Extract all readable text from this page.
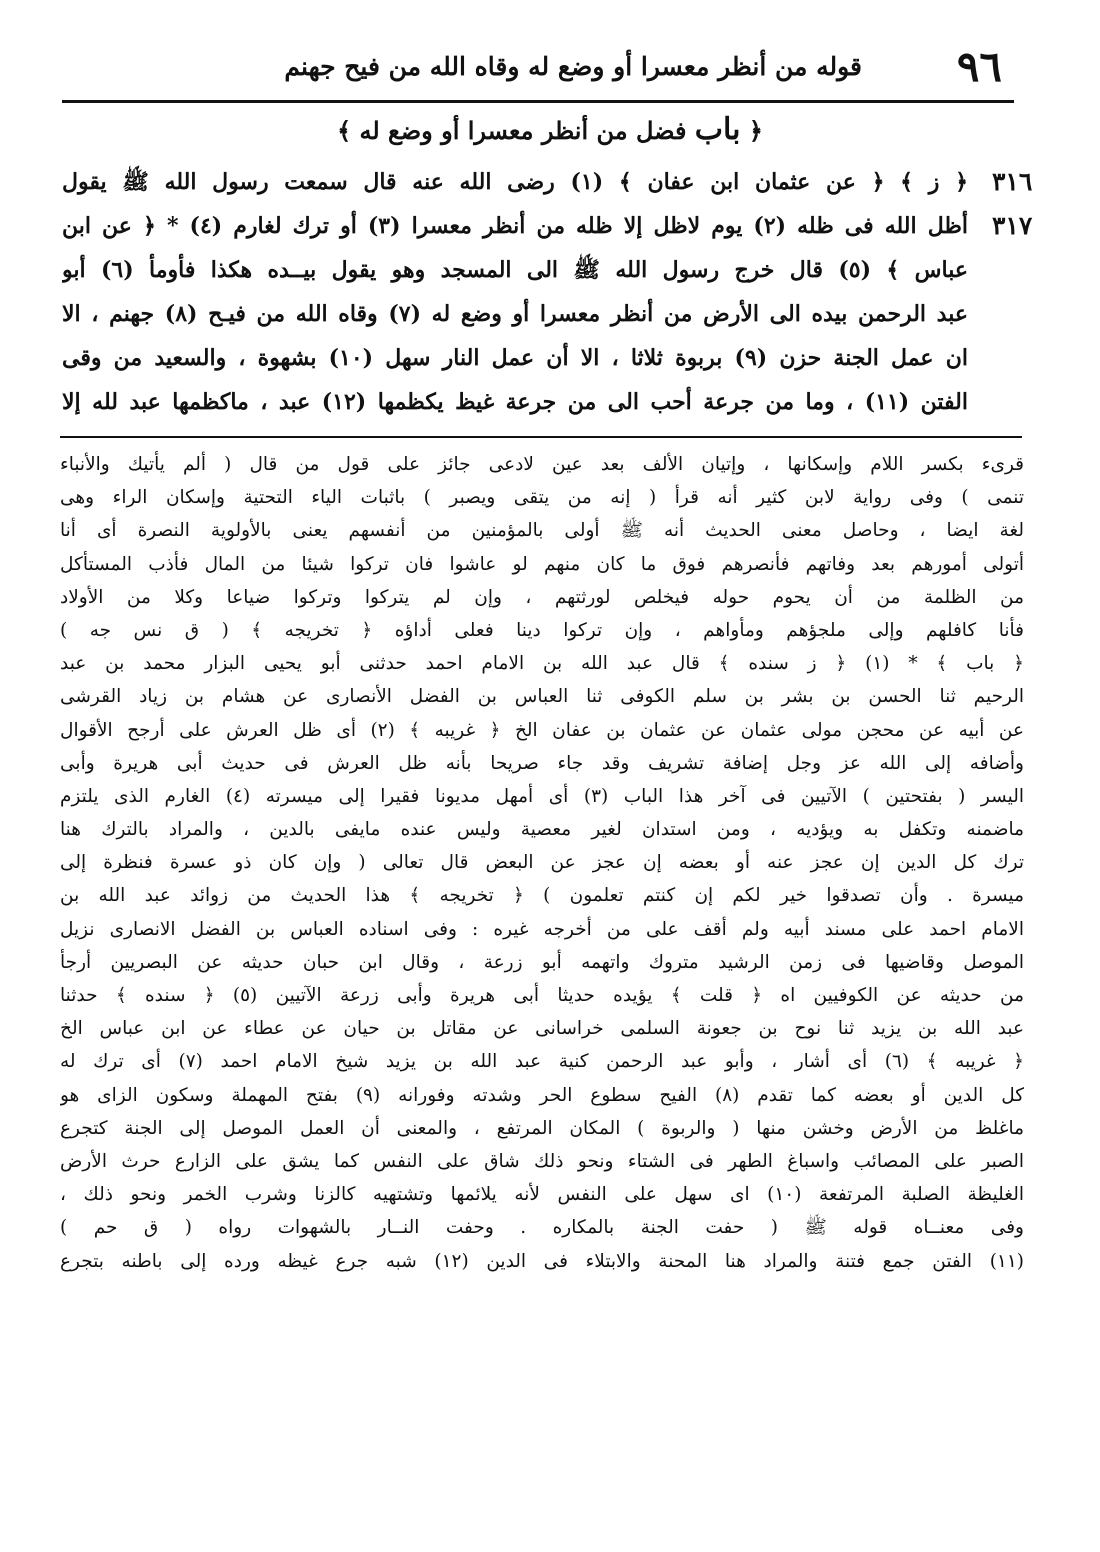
٩٦
قوله من أنظر معسرا أو وضع له وقاه الله من فيح جهنم
﴿ باب فضل من أنظر معسرا أو وضع له ﴾
٣١٦
٣١٧
﴿ ز ﴾ ﴿ عن عثمان ابن عفان ﴾ (١) رضى الله عنه قال سمعت رسول الله ﷺ يقول
أظل الله فى ظله (٢) يوم لاظل إلا ظله من أنظر معسرا (٣) أو ترك لغارم (٤) * ﴿ عن ابن
عباس ﴾ (٥) قال خرج رسول الله ﷺ الى المسجد وهو يقول بيــده هكذا فأومأ (٦) أبو
عبد الرحمن بيده الى الأرض من أنظر معسرا أو وضع له (٧) وقاه الله من فيـح (٨) جهنم ، الا
ان عمل الجنة حزن (٩) بربوة ثلاثا ، الا أن عمل النار سهل (١٠) بشهوة ، والسعيد من وقى
الفتن (١١) ، وما من جرعة أحب الى من جرعة غيظ يكظمها (١٢) عبد ، ماكظمها عبد لله إلا
قرىء بكسر اللام وإسكانها ، وإتيان الألف بعد عين لادعى جائز على قول من قال ( ألم يأتيك والأنباء
تنمى ) وفى رواية لابن كثير أنه قرأ ( إنه من يتقى ويصبر ) باثبات الياء التحتية وإسكان الراء وهى
لغة ايضا ، وحاصل معنى الحديث أنه ﷺ أولى بالمؤمنين من أنفسهم يعنى بالأولوية النصرة أى أنا
أتولى أمورهم بعد وفاتهم فأنصرهم فوق ما كان منهم لو عاشوا فان تركوا شيئا من المال فأذب المستأكل
من الظلمة من أن يحوم حوله فيخلص لورثتهم ، وإن لم يتركوا وتركوا ضياعا وكلا من الأولاد
فأنا كافلهم وإلى ملجؤهم ومأواهم ، وإن تركوا دينا فعلى أداؤه ﴿ تخريجه ﴾ ( ق نس جه )
﴿ باب ﴾ * (١) ﴿ ز سنده ﴾ قال عبد الله بن الامام احمد حدثنى أبو يحيى البزار محمد بن عبد
الرحيم ثنا الحسن بن بشر بن سلم الكوفى ثنا العباس بن الفضل الأنصارى عن هشام بن زياد القرشى
عن أبيه عن محجن مولى عثمان عن عثمان بن عفان الخ ﴿ غريبه ﴾ (٢) أى ظل العرش على أرجح الأقوال
وأضافه إلى الله عز وجل إضافة تشريف وقد جاء صريحا بأنه ظل العرش فى حديث أبى هريرة وأبى
اليسر ( بفتحتين ) الآتيين فى آخر هذا الباب (٣) أى أمهل مديونا فقيرا إلى ميسرته (٤) الغارم الذى يلتزم
ماضمنه وتكفل به ويؤديه ، ومن استدان لغير معصية وليس عنده مايفى بالدين ، والمراد بالترك هنا
ترك كل الدين إن عجز عنه أو بعضه إن عجز عن البعض قال تعالى ( وإن كان ذو عسرة فنظرة إلى
ميسرة . وأن تصدقوا خير لكم إن كنتم تعلمون ) ﴿ تخريجه ﴾ هذا الحديث من زوائد عبد الله بن
الامام احمد على مسند أبيه ولم أقف على من أخرجه غيره : وفى اسناده العباس بن الفضل الانصارى نزيل
الموصل وقاضيها فى زمن الرشيد متروك واتهمه أبو زرعة ، وقال ابن حبان حديثه عن البصريين أرجأ
من حديثه عن الكوفيين اه ﴿ قلت ﴾ يؤيده حديثا أبى هريرة وأبى زرعة الآتيين (٥) ﴿ سنده ﴾ حدثنا
عبد الله بن يزيد ثنا نوح بن جعونة السلمى خراسانى عن مقاتل بن حيان عن عطاء عن ابن عباس الخ
﴿ غريبه ﴾ (٦) أى أشار ، وأبو عبد الرحمن كنية عبد الله بن يزيد شيخ الامام احمد (٧) أى ترك له
كل الدين أو بعضه كما تقدم (٨) الفيح سطوع الحر وشدته وفورانه (٩) بفتح المهملة وسكون الزاى هو
ماغلظ من الأرض وخشن منها ( والربوة ) المكان المرتفع ، والمعنى أن العمل الموصل إلى الجنة كتجرع
الصبر على المصائب واسباغ الطهر فى الشتاء ونحو ذلك شاق على النفس كما يشق على الزارع حرث الأرض
الغليظة الصلبة المرتفعة (١٠) اى سهل على النفس لأنه يلائمها وتشتهيه كالزنا وشرب الخمر ونحو ذلك ،
وفى معنــاه قوله ﷺ ( حفت الجنة بالمكاره . وحفت النــار بالشهوات رواه ( ق حم )
(١١) الفتن جمع فتنة والمراد هنا المحنة والابتلاء فى الدين (١٢) شبه جرع غيظه ورده إلى باطنه بتجرع
